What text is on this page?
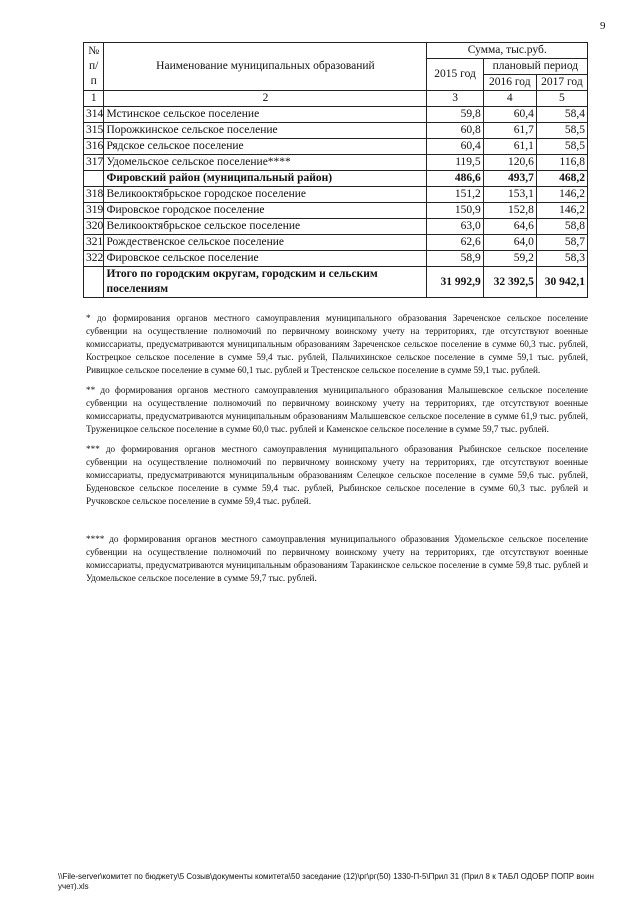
9
№ п/п	Наименование муниципальных образований	Сумма, тыс.руб.		
		2015 год	плановый период	
			2016 год	2017 год
1	2	3	4	5
314	Мстинское сельское поселение	59,8	60,4	58,4
315	Порожкинское сельское поселение	60,8	61,7	58,5
316	Рядское сельское поселение	60,4	61,1	58,5
317	Удомельское сельское поселение****	119,5	120,6	116,8
	Фировский район (муниципальный район)	486,6	493,7	468,2
318	Великооктябрьское городское поселение	151,2	153,1	146,2
319	Фировское городское поселение	150,9	152,8	146,2
320	Великооктябрьское сельское поселение	63,0	64,6	58,8
321	Рождественское сельское поселение	62,6	64,0	58,7
322	Фировское сельское поселение	58,9	59,2	58,3
	Итого по городским округам, городским и сельским поселениям	31 992,9	32 392,5	30 942,1

* до формирования органов местного самоуправления муниципального образования Зареченское сельское поселение субвенции на осуществление полномочий по первичному воинскому учету на территориях, где отсутствуют военные комиссариаты, предусматриваются муниципальным образованиям Зареченское сельское поселение в сумме 60,3 тыс. рублей, Кострецкое сельское поселение в сумме 59,4 тыс. рублей, Пальчихинское сельское поселение в сумме 59,1 тыс. рублей, Ривицкое сельское поселение в сумме 60,1 тыс. рублей и Трестенское сельское поселение в сумме 59,1 тыс. рублей.

** до формирования органов местного самоуправления муниципального образования Малышевское сельское поселение субвенции на осуществление полномочий по первичному воинскому учету на территориях, где отсутствуют военные комиссариаты, предусматриваются муниципальным образованиям Малышевское сельское поселение в сумме 61,9 тыс. рублей, Труженицкое сельское поселение в сумме 60,0 тыс. рублей и Каменское сельское поселение в сумме 59,7 тыс. рублей.

*** до формирования органов местного самоуправления муниципального образования Рыбинское сельское поселение субвенции на осуществление полномочий по первичному воинскому учету на территориях, где отсутствуют военные комиссариаты, предусматриваются муниципальным образованиям Селецкое сельское поселение в сумме 59,6 тыс. рублей, Буденовское сельское поселение в сумме 59,4 тыс. рублей, Рыбинское сельское поселение в сумме 60,3 тыс. рублей и Ручковское сельское поселение в сумме 59,4 тыс. рублей.

**** до формирования органов местного самоуправления муниципального образования Удомельское сельское поселение субвенции на осуществление полномочий по первичному воинскому учету на территориях, где отсутствуют военные комиссариаты, предусматриваются муниципальным образованиям Таракинское сельское поселение в сумме 59,8 тыс. рублей и Удомельское сельское поселение в сумме 59,7 тыс. рублей.

\\File-server\комитет по бюджету\5 Созыв\документы комитета\50 заседание (12)\рг\рг(50) 1330-П-5\Прил 31 (Прил 8 к ТАБЛ ОДОБР ПОПР воин учет).xls
